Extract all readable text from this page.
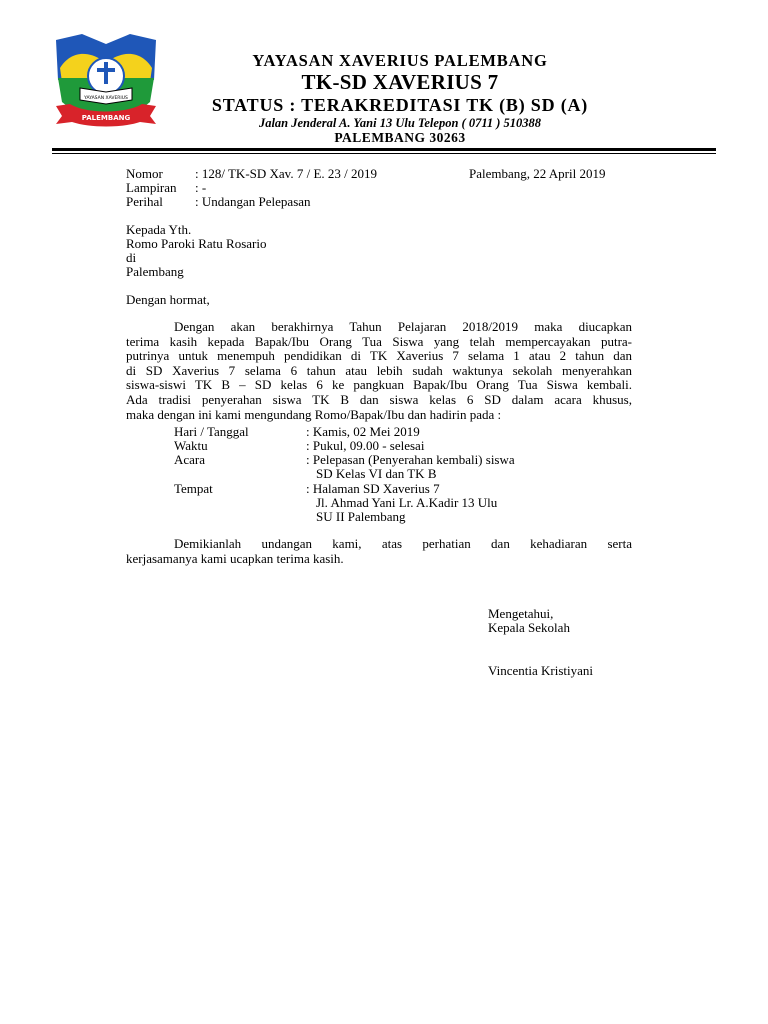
YAYASAN XAVERIUS
PALEMBANG
YAYASAN XAVERIUS PALEMBANG
TK-SD XAVERIUS 7
STATUS : TERAKREDITASI TK (B) SD (A)
Jalan Jenderal A. Yani 13 Ulu Telepon ( 0711 ) 510388
PALEMBANG 30263
Nomor : 128/ TK-SD Xav. 7 / E. 23 / 2019	Palembang, 22 April 2019
Lampiran : -
Perihal : Undangan Pelepasan
Kepada Yth.
Romo Paroki Ratu Rosario
di
Palembang
Dengan hormat,
Dengan akan berakhirnya Tahun Pelajaran 2018/2019 maka diucapkan
terima kasih kepada Bapak/Ibu Orang Tua Siswa yang telah mempercayakan putra-
putrinya untuk menempuh pendidikan di TK Xaverius 7 selama 1 atau 2 tahun dan
di SD Xaverius 7 selama 6 tahun atau lebih sudah waktunya sekolah menyerahkan
siswa-siswi TK B – SD kelas 6 ke pangkuan Bapak/Ibu Orang Tua Siswa kembali.
Ada tradisi penyerahan siswa TK B dan siswa kelas 6 SD dalam acara khusus,
maka dengan ini kami mengundang Romo/Bapak/Ibu dan hadirin pada :
Hari / Tanggal	: Kamis, 02 Mei 2019
Waktu	: Pukul, 09.00 - selesai
Acara	: Pelepasan (Penyerahan kembali) siswa
SD Kelas VI dan TK B
Tempat	: Halaman SD Xaverius 7
Jl. Ahmad Yani Lr. A.Kadir 13 Ulu
SU II Palembang
Demikianlah undangan kami, atas perhatian dan kehadiaran serta
kerjasamanya kami ucapkan terima kasih.
Mengetahui,
Kepala Sekolah
Vincentia Kristiyani
